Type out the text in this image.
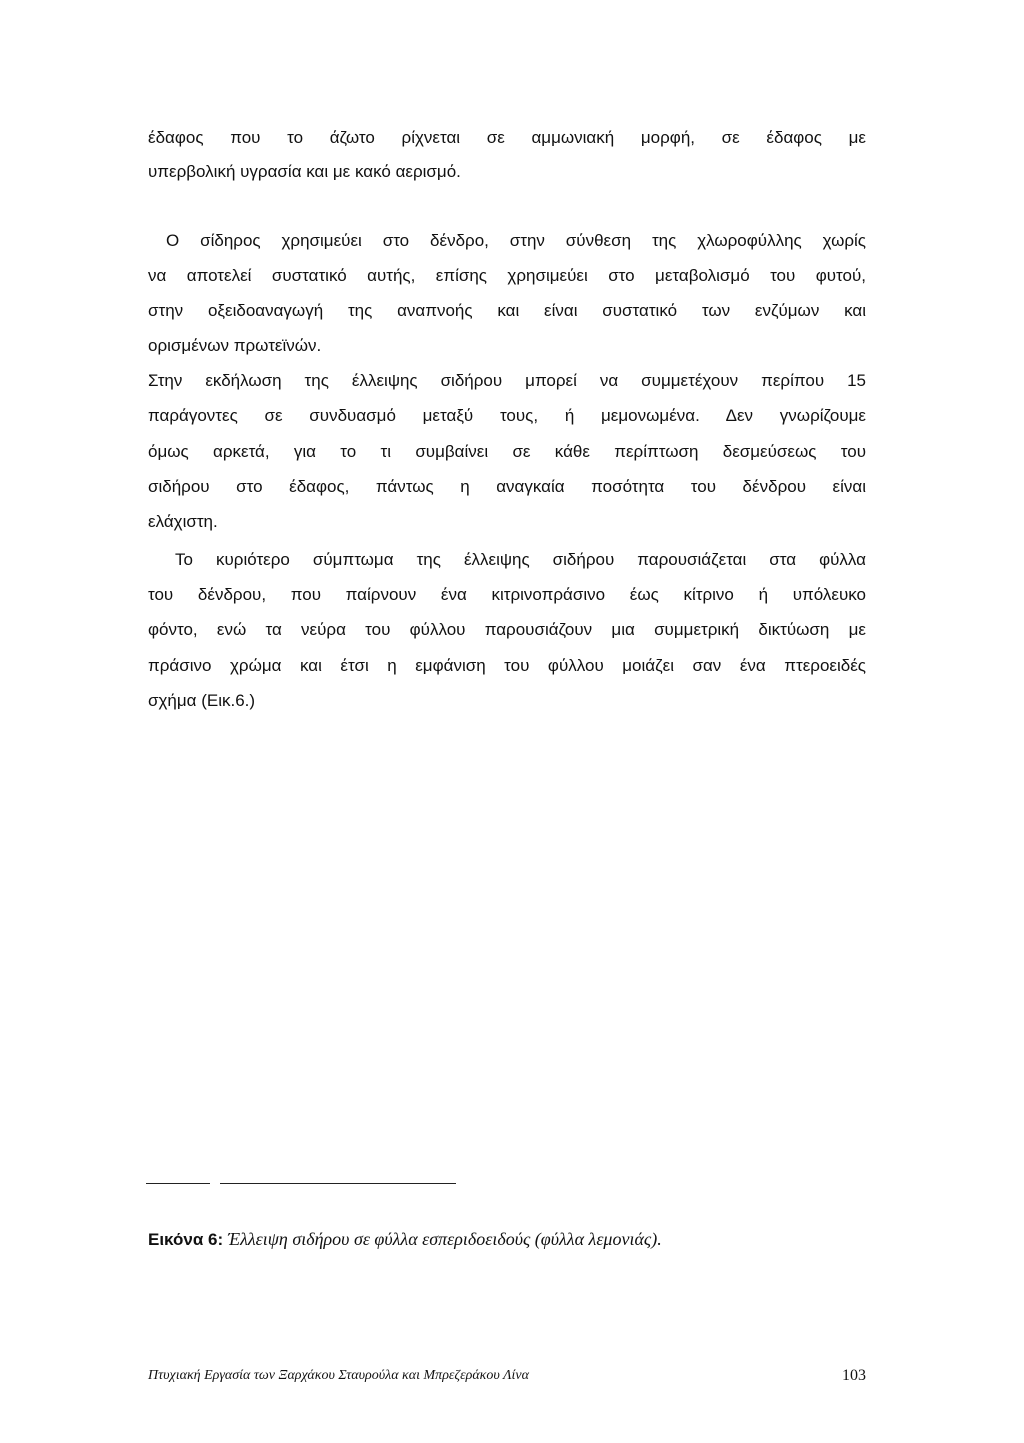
έδαφος που το άζωτο ρίχνεται σε αμμωνιακή μορφή, σε έδαφος με
υπερβολική υγρασία και με κακό αερισμό.
Ο σίδηρος χρησιμεύει στο δένδρο, στην σύνθεση της χλωροφύλλης χωρίς
να αποτελεί συστατικό αυτής, επίσης χρησιμεύει στο μεταβολισμό του φυτού,
στην οξειδοαναγωγή της αναπνοής και είναι συστατικό των ενζύμων και
ορισμένων πρωτεϊνών.
Στην εκδήλωση της έλλειψης σιδήρου μπορεί να συμμετέχουν περίπου 15
παράγοντες σε συνδυασμό μεταξύ τους, ή μεμονωμένα. Δεν γνωρίζουμε
όμως αρκετά, για το τι συμβαίνει σε κάθε περίπτωση δεσμεύσεως του
σιδήρου στο έδαφος, πάντως η αναγκαία ποσότητα του δένδρου είναι
ελάχιστη.
Το κυριότερο σύμπτωμα της έλλειψης σιδήρου παρουσιάζεται στα φύλλα
του δένδρου, που παίρνουν ένα κιτρινοπράσινο έως κίτρινο ή υπόλευκο
φόντο, ενώ τα νεύρα του φύλλου παρουσιάζουν μια συμμετρική δικτύωση με
πράσινο χρώμα και έτσι η εμφάνιση του φύλλου μοιάζει σαν ένα πτεροειδές
σχήμα (Εικ.6.)
Εικόνα 6: Έλλειψη σιδήρου σε φύλλα εσπεριδοειδούς (φύλλα λεμονιάς).
Πτυχιακή Εργασία των Ξαρχάκου Σταυρούλα και Μπρεζεράκου Λίνα	103
